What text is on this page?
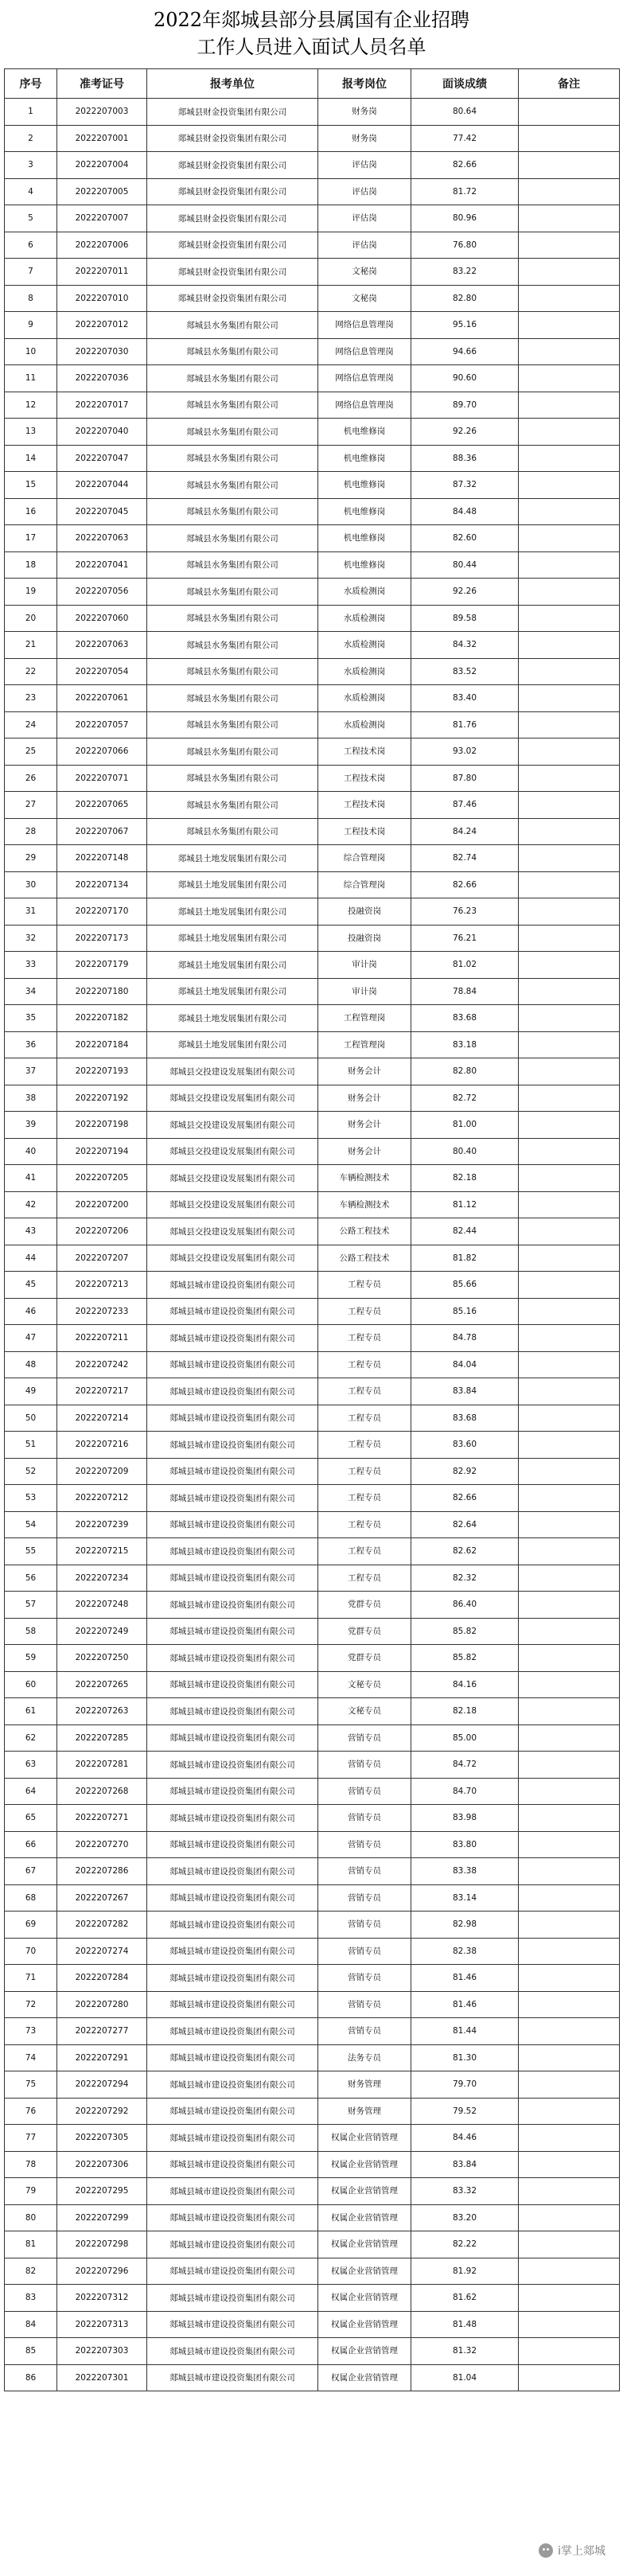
2022年郯城县部分县属国有企业招聘
工作人员进入面试人员名单
序号	准考证号	报考单位	报考岗位	面谈成绩	备注
1	2022207003	郯城县财金投资集团有限公司	财务岗	80.64	
2	2022207001	郯城县财金投资集团有限公司	财务岗	77.42	
3	2022207004	郯城县财金投资集团有限公司	评估岗	82.66	
4	2022207005	郯城县财金投资集团有限公司	评估岗	81.72	
5	2022207007	郯城县财金投资集团有限公司	评估岗	80.96	
6	2022207006	郯城县财金投资集团有限公司	评估岗	76.80	
7	2022207011	郯城县财金投资集团有限公司	文秘岗	83.22	
8	2022207010	郯城县财金投资集团有限公司	文秘岗	82.80	
9	2022207012	郯城县水务集团有限公司	网络信息管理岗	95.16	
10	2022207030	郯城县水务集团有限公司	网络信息管理岗	94.66	
11	2022207036	郯城县水务集团有限公司	网络信息管理岗	90.60	
12	2022207017	郯城县水务集团有限公司	网络信息管理岗	89.70	
13	2022207040	郯城县水务集团有限公司	机电维修岗	92.26	
14	2022207047	郯城县水务集团有限公司	机电维修岗	88.36	
15	2022207044	郯城县水务集团有限公司	机电维修岗	87.32	
16	2022207045	郯城县水务集团有限公司	机电维修岗	84.48	
17	2022207063	郯城县水务集团有限公司	机电维修岗	82.60	
18	2022207041	郯城县水务集团有限公司	机电维修岗	80.44	
19	2022207056	郯城县水务集团有限公司	水质检测岗	92.26	
20	2022207060	郯城县水务集团有限公司	水质检测岗	89.58	
21	2022207063	郯城县水务集团有限公司	水质检测岗	84.32	
22	2022207054	郯城县水务集团有限公司	水质检测岗	83.52	
23	2022207061	郯城县水务集团有限公司	水质检测岗	83.40	
24	2022207057	郯城县水务集团有限公司	水质检测岗	81.76	
25	2022207066	郯城县水务集团有限公司	工程技术岗	93.02	
26	2022207071	郯城县水务集团有限公司	工程技术岗	87.80	
27	2022207065	郯城县水务集团有限公司	工程技术岗	87.46	
28	2022207067	郯城县水务集团有限公司	工程技术岗	84.24	
29	2022207148	郯城县土地发展集团有限公司	综合管理岗	82.74	
30	2022207134	郯城县土地发展集团有限公司	综合管理岗	82.66	
31	2022207170	郯城县土地发展集团有限公司	投融资岗	76.23	
32	2022207173	郯城县土地发展集团有限公司	投融资岗	76.21	
33	2022207179	郯城县土地发展集团有限公司	审计岗	81.02	
34	2022207180	郯城县土地发展集团有限公司	审计岗	78.84	
35	2022207182	郯城县土地发展集团有限公司	工程管理岗	83.68	
36	2022207184	郯城县土地发展集团有限公司	工程管理岗	83.18	
37	2022207193	郯城县交投建设发展集团有限公司	财务会计	82.80	
38	2022207192	郯城县交投建设发展集团有限公司	财务会计	82.72	
39	2022207198	郯城县交投建设发展集团有限公司	财务会计	81.00	
40	2022207194	郯城县交投建设发展集团有限公司	财务会计	80.40	
41	2022207205	郯城县交投建设发展集团有限公司	车辆检测技术	82.18	
42	2022207200	郯城县交投建设发展集团有限公司	车辆检测技术	81.12	
43	2022207206	郯城县交投建设发展集团有限公司	公路工程技术	82.44	
44	2022207207	郯城县交投建设发展集团有限公司	公路工程技术	81.82	
45	2022207213	郯城县城市建设投资集团有限公司	工程专员	85.66	
46	2022207233	郯城县城市建设投资集团有限公司	工程专员	85.16	
47	2022207211	郯城县城市建设投资集团有限公司	工程专员	84.78	
48	2022207242	郯城县城市建设投资集团有限公司	工程专员	84.04	
49	2022207217	郯城县城市建设投资集团有限公司	工程专员	83.84	
50	2022207214	郯城县城市建设投资集团有限公司	工程专员	83.68	
51	2022207216	郯城县城市建设投资集团有限公司	工程专员	83.60	
52	2022207209	郯城县城市建设投资集团有限公司	工程专员	82.92	
53	2022207212	郯城县城市建设投资集团有限公司	工程专员	82.66	
54	2022207239	郯城县城市建设投资集团有限公司	工程专员	82.64	
55	2022207215	郯城县城市建设投资集团有限公司	工程专员	82.62	
56	2022207234	郯城县城市建设投资集团有限公司	工程专员	82.32	
57	2022207248	郯城县城市建设投资集团有限公司	党群专员	86.40	
58	2022207249	郯城县城市建设投资集团有限公司	党群专员	85.82	
59	2022207250	郯城县城市建设投资集团有限公司	党群专员	85.82	
60	2022207265	郯城县城市建设投资集团有限公司	文秘专员	84.16	
61	2022207263	郯城县城市建设投资集团有限公司	文秘专员	82.18	
62	2022207285	郯城县城市建设投资集团有限公司	营销专员	85.00	
63	2022207281	郯城县城市建设投资集团有限公司	营销专员	84.72	
64	2022207268	郯城县城市建设投资集团有限公司	营销专员	84.70	
65	2022207271	郯城县城市建设投资集团有限公司	营销专员	83.98	
66	2022207270	郯城县城市建设投资集团有限公司	营销专员	83.80	
67	2022207286	郯城县城市建设投资集团有限公司	营销专员	83.38	
68	2022207267	郯城县城市建设投资集团有限公司	营销专员	83.14	
69	2022207282	郯城县城市建设投资集团有限公司	营销专员	82.98	
70	2022207274	郯城县城市建设投资集团有限公司	营销专员	82.38	
71	2022207284	郯城县城市建设投资集团有限公司	营销专员	81.46	
72	2022207280	郯城县城市建设投资集团有限公司	营销专员	81.46	
73	2022207277	郯城县城市建设投资集团有限公司	营销专员	81.44	
74	2022207291	郯城县城市建设投资集团有限公司	法务专员	81.30	
75	2022207294	郯城县城市建设投资集团有限公司	财务管理	79.70	
76	2022207292	郯城县城市建设投资集团有限公司	财务管理	79.52	
77	2022207305	郯城县城市建设投资集团有限公司	权属企业营销管理	84.46	
78	2022207306	郯城县城市建设投资集团有限公司	权属企业营销管理	83.84	
79	2022207295	郯城县城市建设投资集团有限公司	权属企业营销管理	83.32	
80	2022207299	郯城县城市建设投资集团有限公司	权属企业营销管理	83.20	
81	2022207298	郯城县城市建设投资集团有限公司	权属企业营销管理	82.22	
82	2022207296	郯城县城市建设投资集团有限公司	权属企业营销管理	81.92	
83	2022207312	郯城县城市建设投资集团有限公司	权属企业营销管理	81.62	
84	2022207313	郯城县城市建设投资集团有限公司	权属企业营销管理	81.48	
85	2022207303	郯城县城市建设投资集团有限公司	权属企业营销管理	81.32	
86	2022207301	郯城县城市建设投资集团有限公司	权属企业营销管理	81.04	
i掌上郯城
